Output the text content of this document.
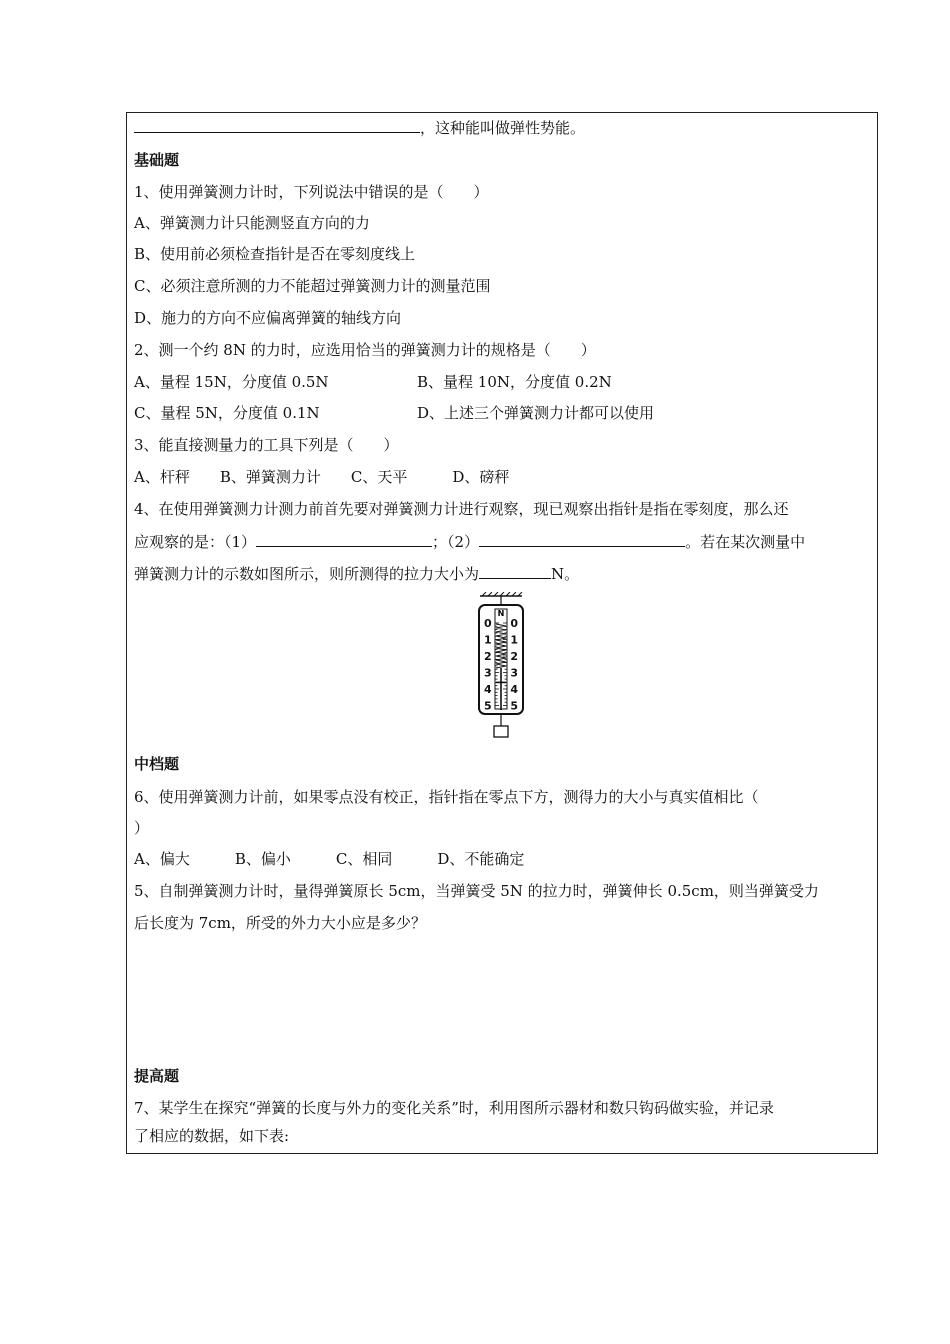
，这种能叫做弹性势能。
基础题
1、使用弹簧测力计时，下列说法中错误的是（　　）
A、弹簧测力计只能测竖直方向的力
B、使用前必须检查指针是否在零刻度线上
C、必须注意所测的力不能超过弹簧测力计的测量范围
D、施力的方向不应偏离弹簧的轴线方向
2、测一个约 8N 的力时，应选用恰当的弹簧测力计的规格是（　　）
A、量程 15N，分度值 0.5N	B、量程 10N，分度值 0.2N
C、量程 5N，分度值 0.1N	D、上述三个弹簧测力计都可以使用
3、能直接测量力的工具下列是（　　）
A、杆秤　　B、弹簧测力计　　C、天平　　　D、磅秤
4、在使用弹簧测力计测力前首先要对弹簧测力计进行观察，现已观察出指针是指在零刻度，那么还
应观察的是：（1）	；（2）	。若在某次测量中
弹簧测力计的示数如图所示，则所测得的拉力大小为	N。
N
0
1
2
3
4
5
0
1
2
3
4
5
中档题
6、使用弹簧测力计前，如果零点没有校正，指针指在零点下方，测得力的大小与真实值相比（
）
A、偏大　　　B、偏小　　　C、相同　　　D、不能确定
5、自制弹簧测力计时，量得弹簧原长 5cm，当弹簧受 5N 的拉力时，弹簧伸长 0.5cm，则当弹簧受力
后长度为 7cm，所受的外力大小应是多少？
提高题
7、某学生在探究“弹簧的长度与外力的变化关系”时，利用图所示器材和数只钩码做实验，并记录
了相应的数据，如下表:
